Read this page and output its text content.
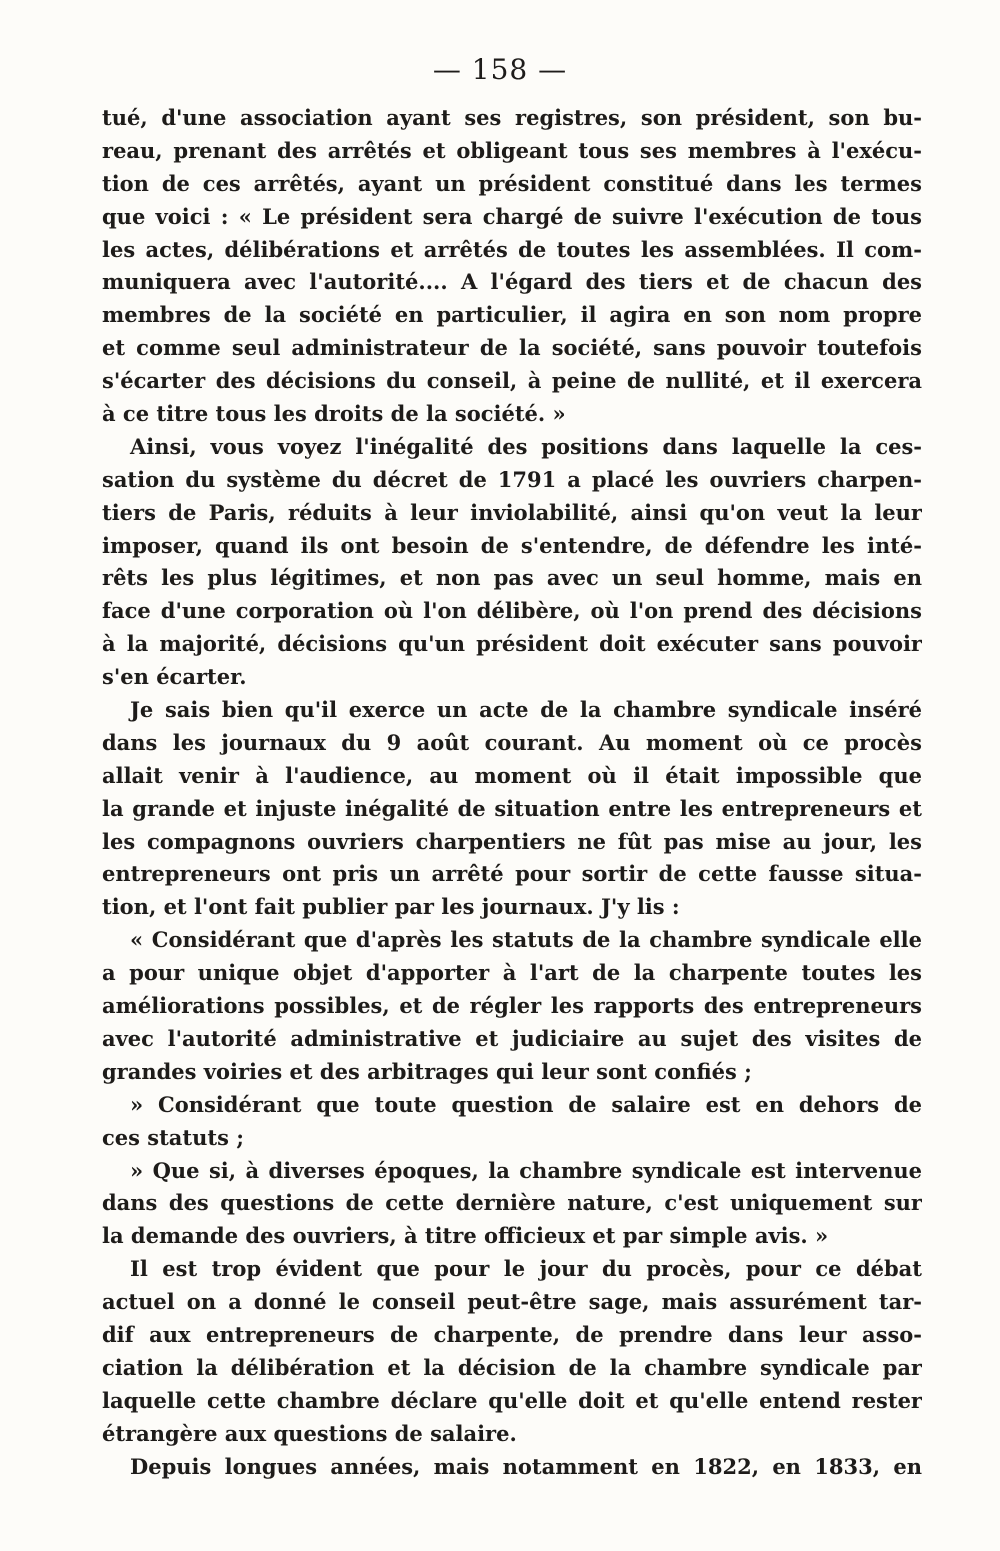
— 158 —
tué, d'une association ayant ses registres, son président, son bu-
reau, prenant des arrêtés et obligeant tous ses membres à l'exécu-
tion de ces arrêtés, ayant un président constitué dans les termes
que voici : « Le président sera chargé de suivre l'exécution de tous
les actes, délibérations et arrêtés de toutes les assemblées. Il com-
muniquera avec l'autorité.... A l'égard des tiers et de chacun des
membres de la société en particulier, il agira en son nom propre
et comme seul administrateur de la société, sans pouvoir toutefois
s'écarter des décisions du conseil, à peine de nullité, et il exercera
à ce titre tous les droits de la société. »
Ainsi, vous voyez l'inégalité des positions dans laquelle la ces-
sation du système du décret de 1791 a placé les ouvriers charpen-
tiers de Paris, réduits à leur inviolabilité, ainsi qu'on veut la leur
imposer, quand ils ont besoin de s'entendre, de défendre les inté-
rêts les plus légitimes, et non pas avec un seul homme, mais en
face d'une corporation où l'on délibère, où l'on prend des décisions
à la majorité, décisions qu'un président doit exécuter sans pouvoir
s'en écarter.
Je sais bien qu'il exerce un acte de la chambre syndicale inséré
dans les journaux du 9 août courant. Au moment où ce procès
allait venir à l'audience, au moment où il était impossible que
la grande et injuste inégalité de situation entre les entrepreneurs et
les compagnons ouvriers charpentiers ne fût pas mise au jour, les
entrepreneurs ont pris un arrêté pour sortir de cette fausse situa-
tion, et l'ont fait publier par les journaux. J'y lis :
« Considérant que d'après les statuts de la chambre syndicale elle
a pour unique objet d'apporter à l'art de la charpente toutes les
améliorations possibles, et de régler les rapports des entrepreneurs
avec l'autorité administrative et judiciaire au sujet des visites de
grandes voiries et des arbitrages qui leur sont confiés ;
» Considérant que toute question de salaire est en dehors de
ces statuts ;
» Que si, à diverses époques, la chambre syndicale est intervenue
dans des questions de cette dernière nature, c'est uniquement sur
la demande des ouvriers, à titre officieux et par simple avis. »
Il est trop évident que pour le jour du procès, pour ce débat
actuel on a donné le conseil peut-être sage, mais assurément tar-
dif aux entrepreneurs de charpente, de prendre dans leur asso-
ciation la délibération et la décision de la chambre syndicale par
laquelle cette chambre déclare qu'elle doit et qu'elle entend rester
étrangère aux questions de salaire.
Depuis longues années, mais notamment en 1822, en 1833, en
